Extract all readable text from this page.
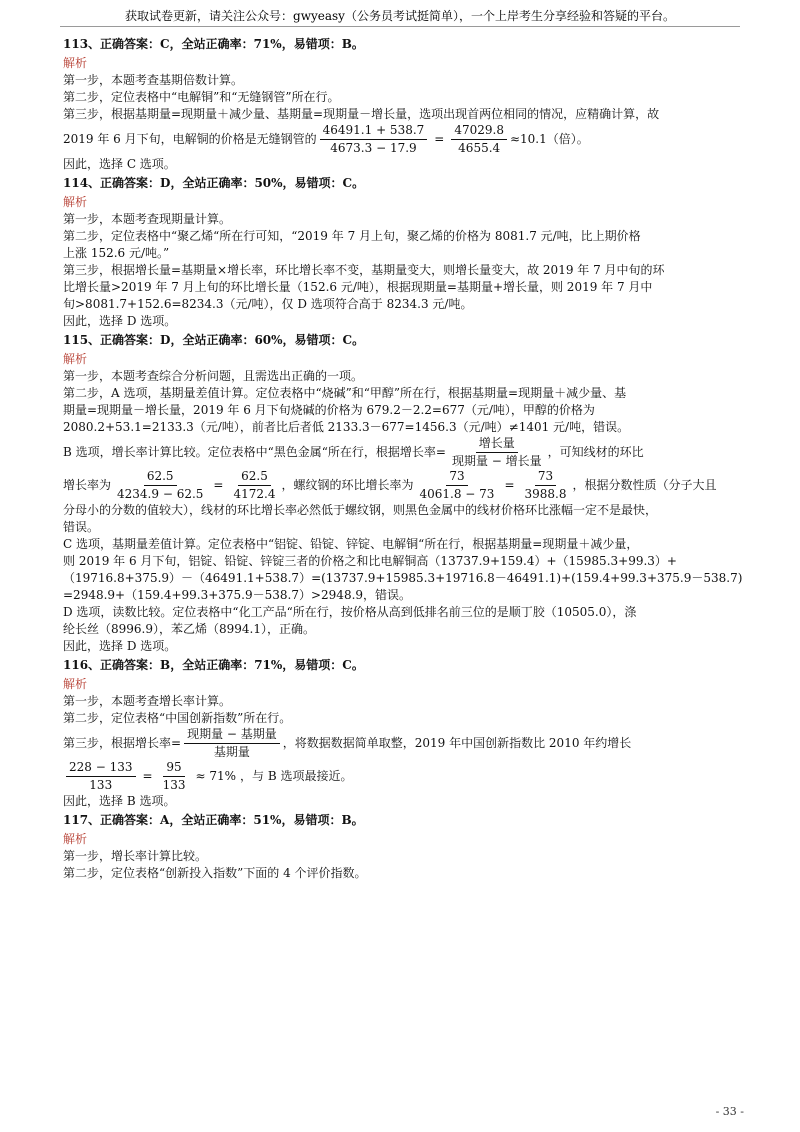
获取试卷更新，请关注公众号：gwyeasy（公务员考试挺简单），一个上岸考生分享经验和答疑的平台。
113、正确答案：C，全站正确率：71%，易错项：B。
解析
第一步，本题考查基期倍数计算。
第二步，定位表格中“电解铜”和“无缝钢管”所在行。
第三步，根据基期量=现期量＋减少量、基期量=现期量－增长量，选项出现首两位相同的情况，应精确计算，故
2019 年 6 月下旬，电解铜的价格是无缝钢管的 $\frac{46491.1 + 538.7}{4673.3 - 17.9} = \frac{47029.8}{4655.4} \approx 10.1$（倍）。
因此，选择 C 选项。
114、正确答案：D，全站正确率：50%，易错项：C。
解析
第一步，本题考查现期量计算。
第二步，定位表格中“聚乙烯“所在行可知，“2019 年 7 月上旬，聚乙烯的价格为 8081.7 元/吨，比上期价格
上涨 152.6 元/吨。”
第三步，根据增长量=基期量×增长率，环比增长率不变，基期量变大，则增长量变大，故 2019 年 7 月中旬的环
比增长量>2019 年 7 月上旬的环比增长量（152.6 元/吨），根据现期量=基期量+增长量，则 2019 年 7 月中
旬>8081.7+152.6=8234.3（元/吨），仅 D 选项符合高于 8234.3 元/吨。
因此，选择 D 选项。
115、正确答案：D，全站正确率：60%，易错项：C。
解析
第一步，本题考查综合分析问题，且需选出正确的一项。
第二步，A 选项，基期量差值计算。定位表格中“烧碱”和“甲醇”所在行，根据基期量=现期量＋减少量、基
期量=现期量－增长量，2019 年 6 月下旬烧碱的价格为 679.2－2.2=677（元/吨），甲醇的价格为
2080.2+53.1=2133.3（元/吨），前者比后者低 2133.3－677=1456.3（元/吨）≠1401 元/吨，错误。
B 选项，增长率计算比较。定位表格中“黑色金属“所在行，根据增长率= $\frac{\text{增长量}}{\text{现期量 − 增长量}}$ ，可知线材的环比
增长率为 $\frac{62.5}{4234.9 - 62.5} = \frac{62.5}{4172.4}$ ，螺纹钢的环比增长率为 $\frac{73}{4061.8 - 73} = \frac{73}{3988.8}$ ，根据分数性质（分子大且
分母小的分数的值较大），线材的环比增长率必然低于螺纹钢，则黑色金属中的线材价格环比涨幅一定不是最快，
错误。
C 选项，基期量差值计算。定位表格中“铝锭、铅锭、锌锭、电解铜“所在行，根据基期量=现期量＋减少量，
则 2019 年 6 月下旬，铝锭、铅锭、锌锭三者的价格之和比电解铜高（13737.9+159.4）+（15985.3+99.3）+
（19716.8+375.9）－（46491.1+538.7）=(13737.9+15985.3+19716.8－46491.1)+(159.4+99.3+375.9－538.7)
=2948.9+（159.4+99.3+375.9－538.7）>2948.9，错误。
D 选项，读数比较。定位表格中“化工产品“所在行，按价格从高到低排名前三位的是顺丁胶（10505.0），涤
纶长丝（8996.9），苯乙烯（8994.1），正确。
因此，选择 D 选项。
116、正确答案：B，全站正确率：71%，易错项：C。
解析
第一步，本题考查增长率计算。
第二步，定位表格“中国创新指数”所在行。
第三步，根据增长率= $\frac{\text{现期量 − 基期量}}{\text{基期量}}$ ，将数据数据简单取整，2019 年中国创新指数比 2010 年约增长
$\frac{228 - 133}{133} = \frac{95}{133} \approx 71\%$ ，与 B 选项最接近。
因此，选择 B 选项。
117、正确答案：A，全站正确率：51%，易错项：B。
解析
第一步，增长率计算比较。
第二步，定位表格“创新投入指数”下面的 4 个评价指数。
- 33 -
